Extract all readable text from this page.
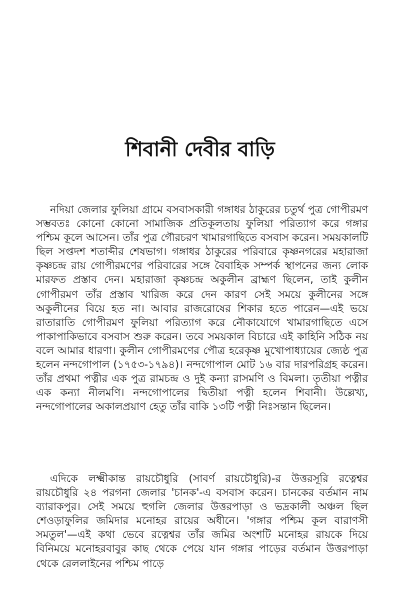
শিবানী দেবীর বাড়ি

নদিয়া জেলার ফুলিয়া গ্রামে বসবাসকারী গঙ্গাধর ঠাকুরের চতুর্থ পুত্র গোপীরমণ সম্ভবতঃ কোনো কোনো সামাজিক প্রতিকূলতায় ফুলিয়া পরিত্যাগ করে গঙ্গার পশ্চিম কূলে আসেন। তাঁর পুত্র গৌরচরণ খামারগাছিতে বসবাস করেন। সময়কালটি ছিল সপ্তদশ শতাব্দীর শেষভাগ। গঙ্গাধর ঠাকুরের পরিবারে কৃষ্ণনগরের মহারাজা কৃষ্ণচন্দ্র রায় গোপীরমণের পরিবারের সঙ্গে বৈবাহিক সম্পর্ক স্থাপনের জন্য লোক মারফত প্রস্তাব দেন। মহারাজা কৃষ্ণচন্দ্র অকুলীন ব্রাহ্মণ ছিলেন, তাই কুলীন গোপীরমণ তাঁর প্রস্তাব খারিজ করে দেন কারণ সেই সময়ে কুলীনের সঙ্গে অকুলীনের বিয়ে হত না। আবার রাজরোষের শিকার হতে পারেন—এই ভয়ে রাতারাতি গোপীরমণ ফুলিয়া পরিত্যাগ করে নৌকাযোগে খামারগাছিতে এসে পাকাপাকিভাবে বসবাস শুরু করেন। তবে সময়কাল বিচারে এই কাহিনি সঠিক নয় বলে আমার ধারণা। কুলীন গোপীরমণের পৌত্র হরেকৃষ্ণ মুখোপাধ্যায়ের জ্যেষ্ঠ পুত্র হলেন নন্দগোপাল (১৭৫৩-১৭৯৪)। নন্দগোপাল মোট ১৬ বার দারপরিগ্রহ করেন। তাঁর প্রথমা পত্নীর এক পুত্র রামচন্দ্র ও দুই কন্যা রাসমণি ও বিমলা। তৃতীয়া পত্নীর এক কন্যা নীলমণি। নন্দগোপালের দ্বিতীয়া পত্নী হলেন শিবানী। উল্লেখ্য, নন্দগোপালের অকালপ্রয়াণ হেতু তাঁর বাকি ১৩টি পত্নী নিঃসন্তান ছিলেন।

এদিকে লক্ষ্মীকান্ত রায়চৌধুরি (সাবর্ণ রায়চৌধুরি)-র উত্তরসূরি রত্নেশ্বর রায়চৌধুরি ২৪ পরগনা জেলার 'চানক'-এ বসবাস করেন। চানকের বর্তমান নাম ব্যারাকপুর। সেই সময়ে হুগলি জেলার উত্তরপাড়া ও ভদ্রকালী অঞ্চল ছিল শেওড়াফুলির জমিদার মনোহর রায়ের অধীনে। 'গঙ্গার পশ্চিম কূল বারাণসী সমতুল'—এই কথা ভেবে রত্নেশ্বর তাঁর জমির অংশটি মনোহর রায়কে দিয়ে বিনিময়ে মনোহরবাবুর কাছ থেকে পেয়ে যান গঙ্গার পাড়ের বর্তমান উত্তরপাড়া থেকে রেললাইনের পশ্চিম পাড়ে
